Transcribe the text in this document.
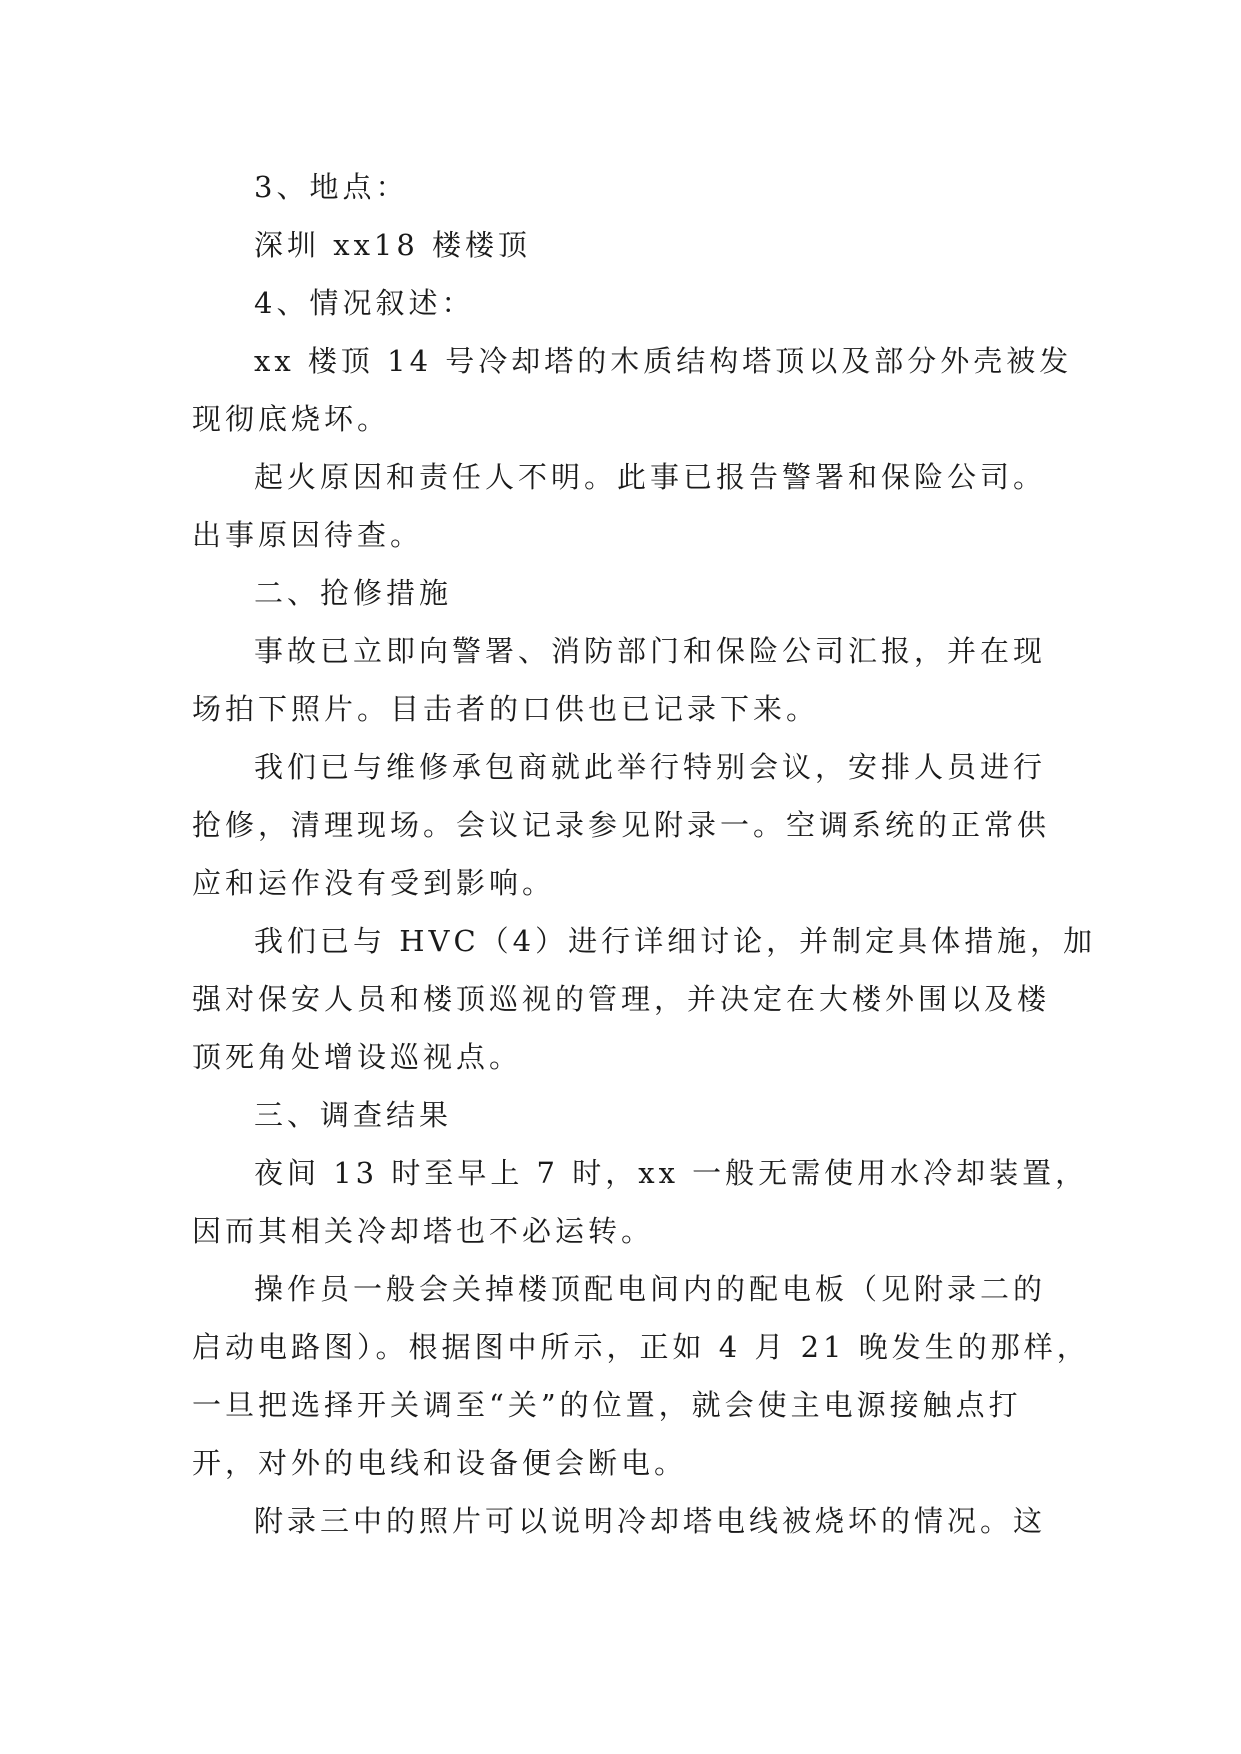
3、地点：
深圳 xx18 楼楼顶
4、情况叙述：
xx 楼顶 14 号冷却塔的木质结构塔顶以及部分外壳被发
现彻底烧坏。
起火原因和责任人不明。此事已报告警署和保险公司。
出事原因待查。
二、抢修措施
事故已立即向警署、消防部门和保险公司汇报，并在现
场拍下照片。目击者的口供也已记录下来。
我们已与维修承包商就此举行特别会议，安排人员进行
抢修，清理现场。会议记录参见附录一。空调系统的正常供
应和运作没有受到影响。
我们已与 HVC（4）进行详细讨论，并制定具体措施，加
强对保安人员和楼顶巡视的管理，并决定在大楼外围以及楼
顶死角处增设巡视点。
三、调查结果
夜间 13 时至早上 7 时，xx 一般无需使用水冷却装置，
因而其相关冷却塔也不必运转。
操作员一般会关掉楼顶配电间内的配电板（见附录二的
启动电路图）。根据图中所示，正如 4 月 21 晚发生的那样，
一旦把选择开关调至“关”的位置，就会使主电源接触点打
开，对外的电线和设备便会断电。
附录三中的照片可以说明冷却塔电线被烧坏的情况。这
